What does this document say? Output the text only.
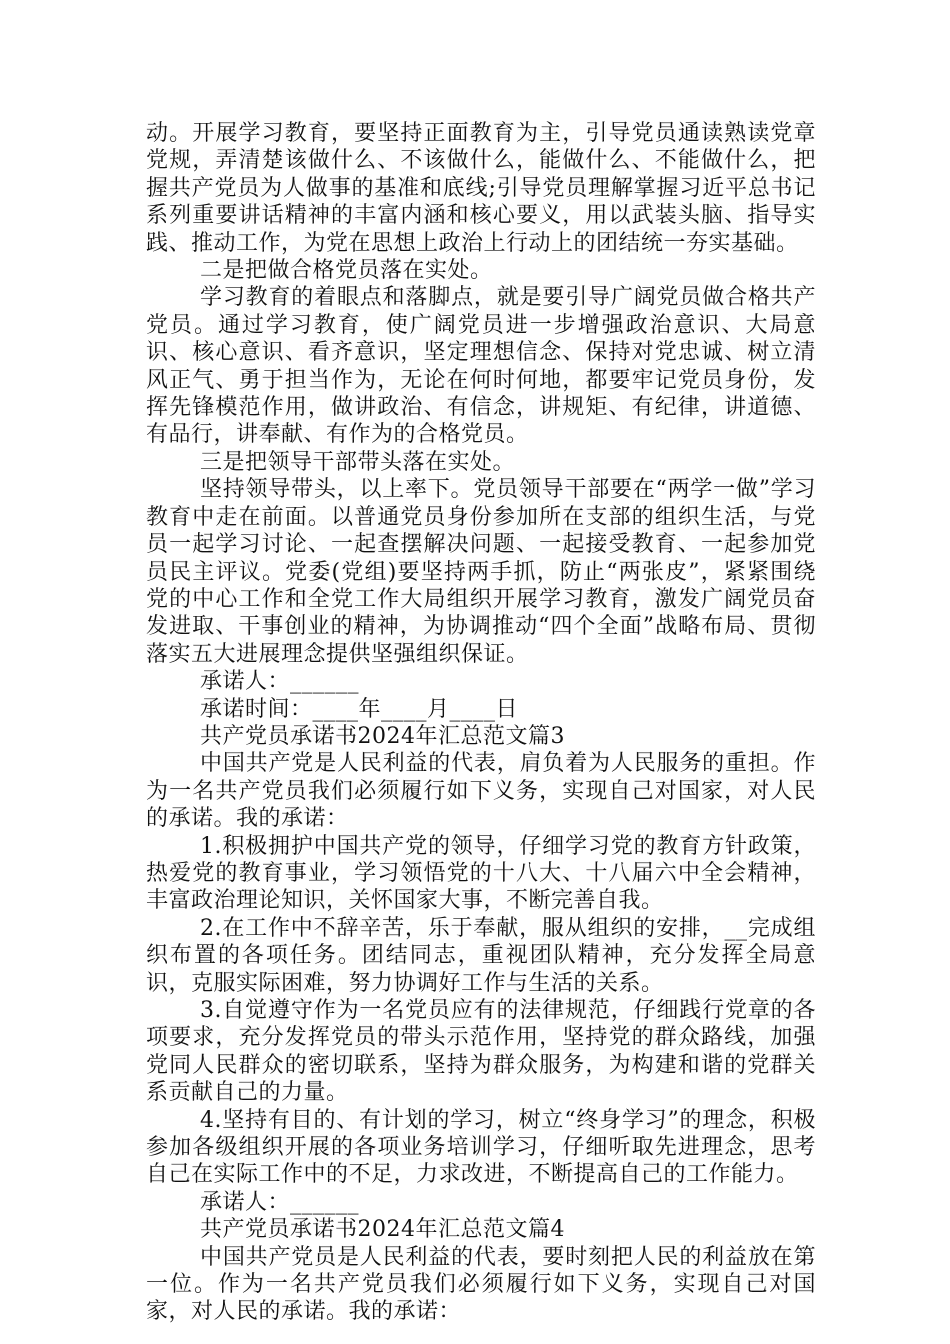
动。开展学习教育，要坚持正面教育为主，引导党员通读熟读党章党规，弄清楚该做什么、不该做什么，能做什么、不能做什么，把握共产党员为人做事的基准和底线;引导党员理解掌握习近平总书记系列重要讲话精神的丰富内涵和核心要义，用以武装头脑、指导实践、推动工作，为党在思想上政治上行动上的团结统一夯实基础。

二是把做合格党员落在实处。

学习教育的着眼点和落脚点，就是要引导广阔党员做合格共产党员。通过学习教育，使广阔党员进一步增强政治意识、大局意识、核心意识、看齐意识，坚定理想信念、保持对党忠诚、树立清风正气、勇于担当作为，无论在何时何地，都要牢记党员身份，发挥先锋模范作用，做讲政治、有信念，讲规矩、有纪律，讲道德、有品行，讲奉献、有作为的合格党员。

三是把领导干部带头落在实处。

坚持领导带头，以上率下。党员领导干部要在“两学一做”学习教育中走在前面。以普通党员身份参加所在支部的组织生活，与党员一起学习讨论、一起查摆解决问题、一起接受教育、一起参加党员民主评议。党委(党组)要坚持两手抓，防止“两张皮”，紧紧围绕党的中心工作和全党工作大局组织开展学习教育，激发广阔党员奋发进取、干事创业的精神，为协调推动“四个全面”战略布局、贯彻落实五大进展理念提供坚强组织保证。

承诺人：______

承诺时间：____年____月____日

共产党员承诺书2024年汇总范文篇3

中国共产党是人民利益的代表，肩负着为人民服务的重担。作为一名共产党员我们必须履行如下义务，实现自己对国家，对人民的承诺。我的承诺：

1.积极拥护中国共产党的领导，仔细学习党的教育方针政策，热爱党的教育事业，学习领悟党的十八大、十八届六中全会精神，丰富政治理论知识，关怀国家大事，不断完善自我。

2.在工作中不辞辛苦，乐于奉献，服从组织的安排，__完成组织布置的各项任务。团结同志，重视团队精神，充分发挥全局意识，克服实际困难，努力协调好工作与生活的关系。

3.自觉遵守作为一名党员应有的法律规范，仔细践行党章的各项要求，充分发挥党员的带头示范作用，坚持党的群众路线，加强党同人民群众的密切联系，坚持为群众服务，为构建和谐的党群关系贡献自己的力量。

4.坚持有目的、有计划的学习，树立“终身学习”的理念，积极参加各级组织开展的各项业务培训学习，仔细听取先进理念，思考自己在实际工作中的不足，力求改进，不断提高自己的工作能力。

承诺人：______

共产党员承诺书2024年汇总范文篇4

中国共产党员是人民利益的代表，要时刻把人民的利益放在第一位。作为一名共产党员我们必须履行如下义务，实现自己对国家，对人民的承诺。我的承诺：
